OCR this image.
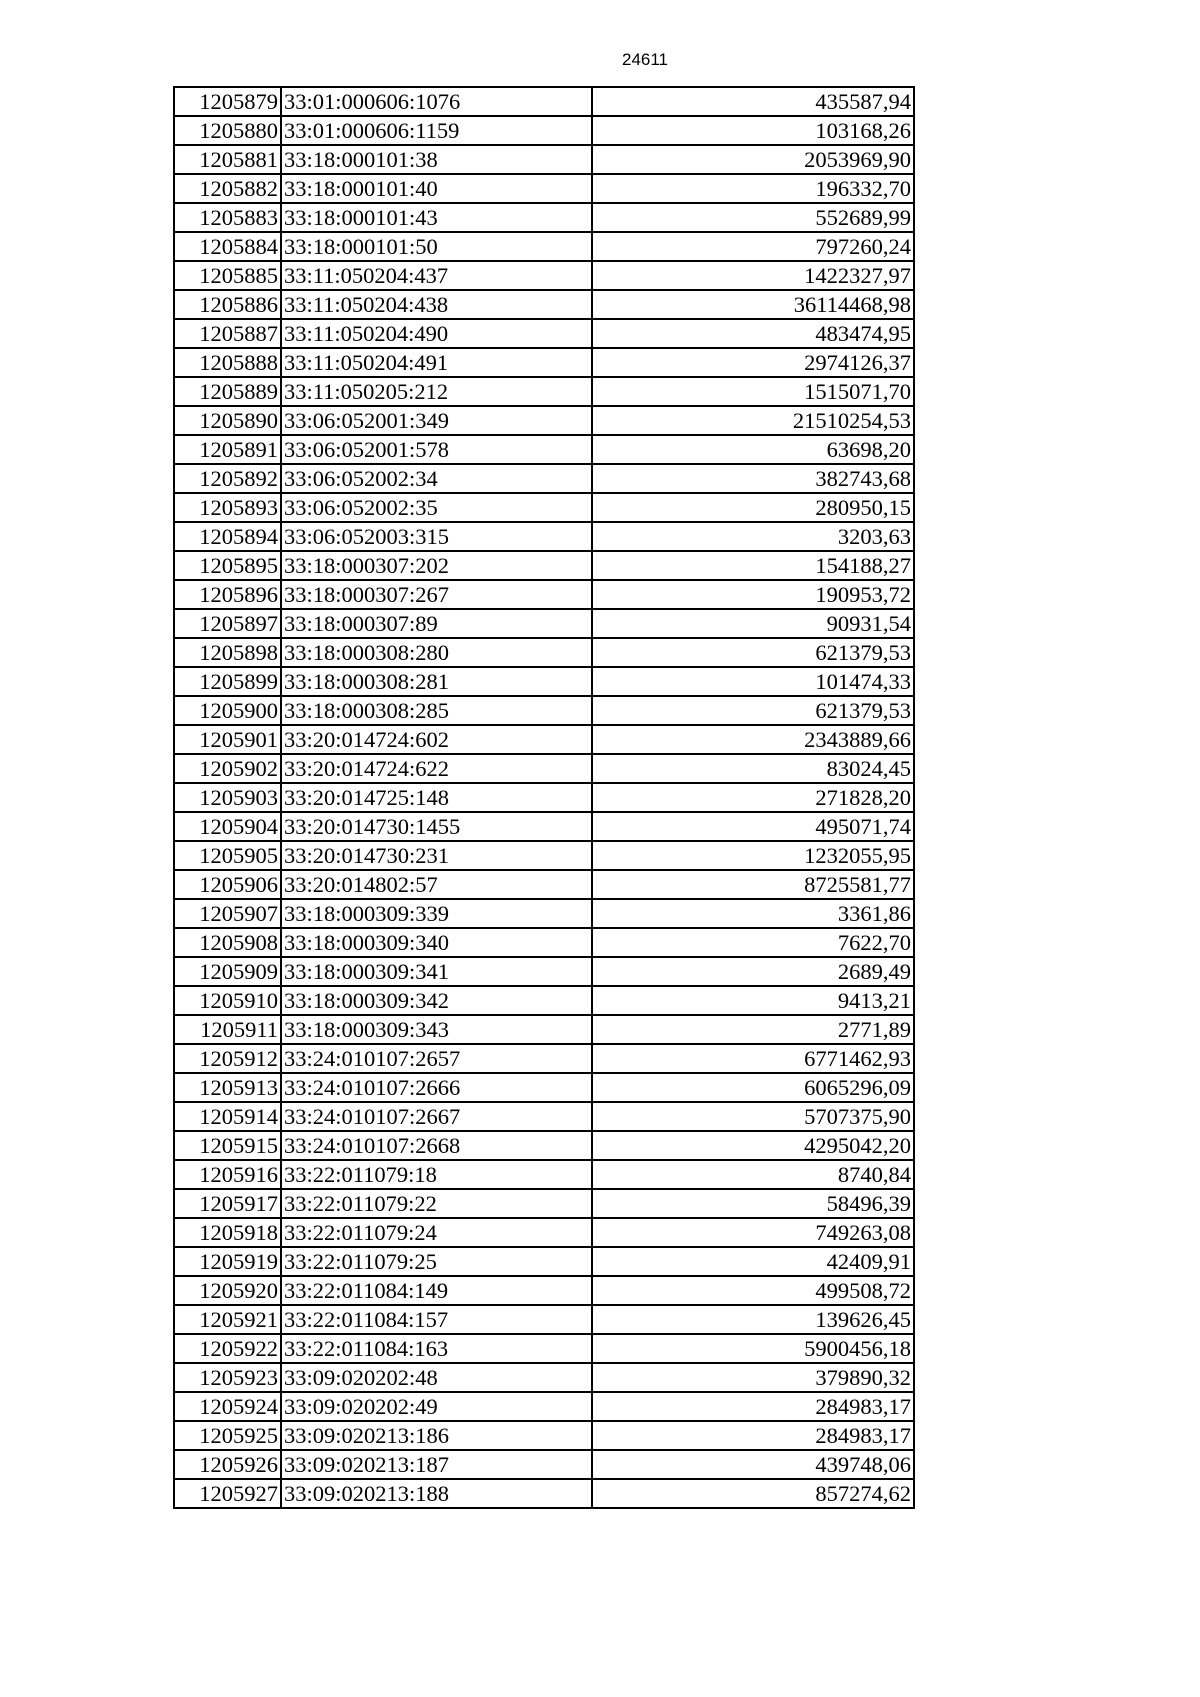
24611
1205879	33:01:000606:1076	435587,94
1205880	33:01:000606:1159	103168,26
1205881	33:18:000101:38	2053969,90
1205882	33:18:000101:40	196332,70
1205883	33:18:000101:43	552689,99
1205884	33:18:000101:50	797260,24
1205885	33:11:050204:437	1422327,97
1205886	33:11:050204:438	36114468,98
1205887	33:11:050204:490	483474,95
1205888	33:11:050204:491	2974126,37
1205889	33:11:050205:212	1515071,70
1205890	33:06:052001:349	21510254,53
1205891	33:06:052001:578	63698,20
1205892	33:06:052002:34	382743,68
1205893	33:06:052002:35	280950,15
1205894	33:06:052003:315	3203,63
1205895	33:18:000307:202	154188,27
1205896	33:18:000307:267	190953,72
1205897	33:18:000307:89	90931,54
1205898	33:18:000308:280	621379,53
1205899	33:18:000308:281	101474,33
1205900	33:18:000308:285	621379,53
1205901	33:20:014724:602	2343889,66
1205902	33:20:014724:622	83024,45
1205903	33:20:014725:148	271828,20
1205904	33:20:014730:1455	495071,74
1205905	33:20:014730:231	1232055,95
1205906	33:20:014802:57	8725581,77
1205907	33:18:000309:339	3361,86
1205908	33:18:000309:340	7622,70
1205909	33:18:000309:341	2689,49
1205910	33:18:000309:342	9413,21
1205911	33:18:000309:343	2771,89
1205912	33:24:010107:2657	6771462,93
1205913	33:24:010107:2666	6065296,09
1205914	33:24:010107:2667	5707375,90
1205915	33:24:010107:2668	4295042,20
1205916	33:22:011079:18	8740,84
1205917	33:22:011079:22	58496,39
1205918	33:22:011079:24	749263,08
1205919	33:22:011079:25	42409,91
1205920	33:22:011084:149	499508,72
1205921	33:22:011084:157	139626,45
1205922	33:22:011084:163	5900456,18
1205923	33:09:020202:48	379890,32
1205924	33:09:020202:49	284983,17
1205925	33:09:020213:186	284983,17
1205926	33:09:020213:187	439748,06
1205927	33:09:020213:188	857274,62
